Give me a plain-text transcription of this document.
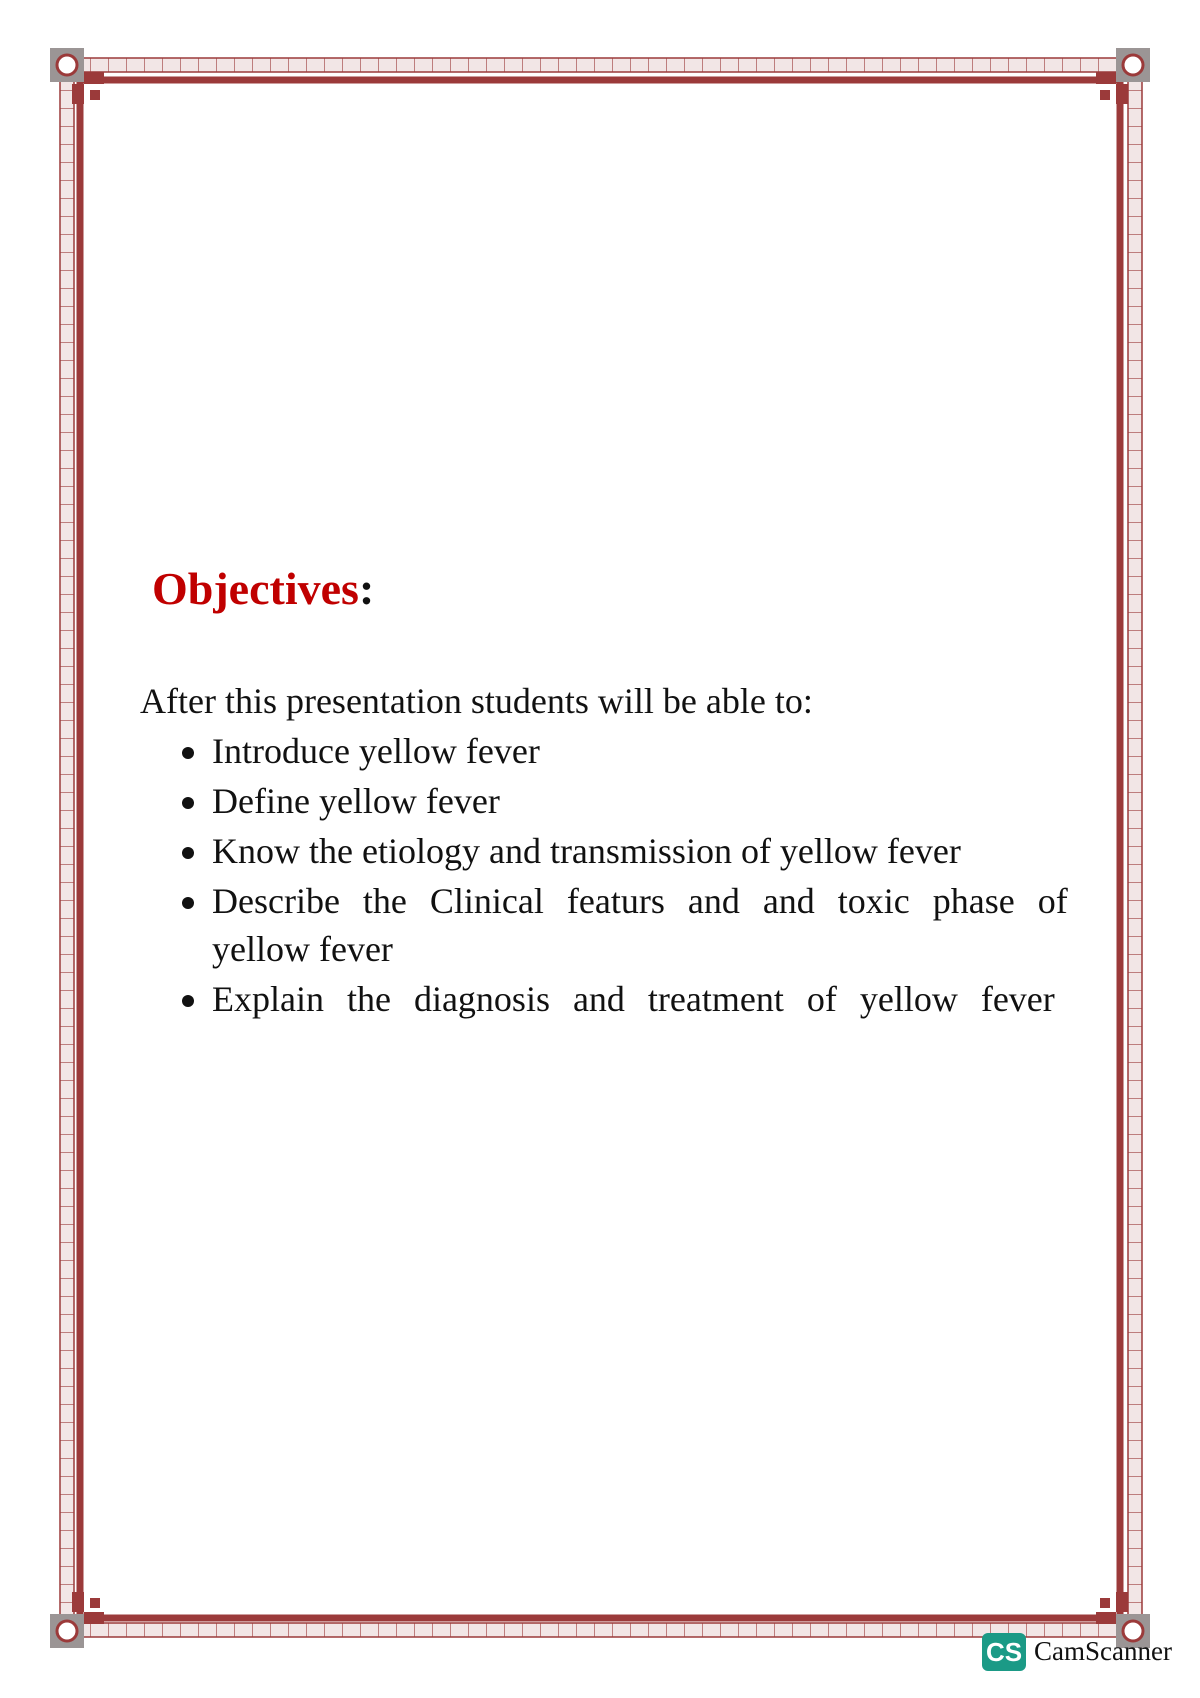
Objectives:
After this presentation students will be able to:
Introduce yellow fever
Define yellow fever
Know the etiology and transmission of yellow fever
Describe the Clinical featurs and and toxic phase of
yellow fever
Explain the diagnosis and treatment of yellow fever
CS CamScanner
